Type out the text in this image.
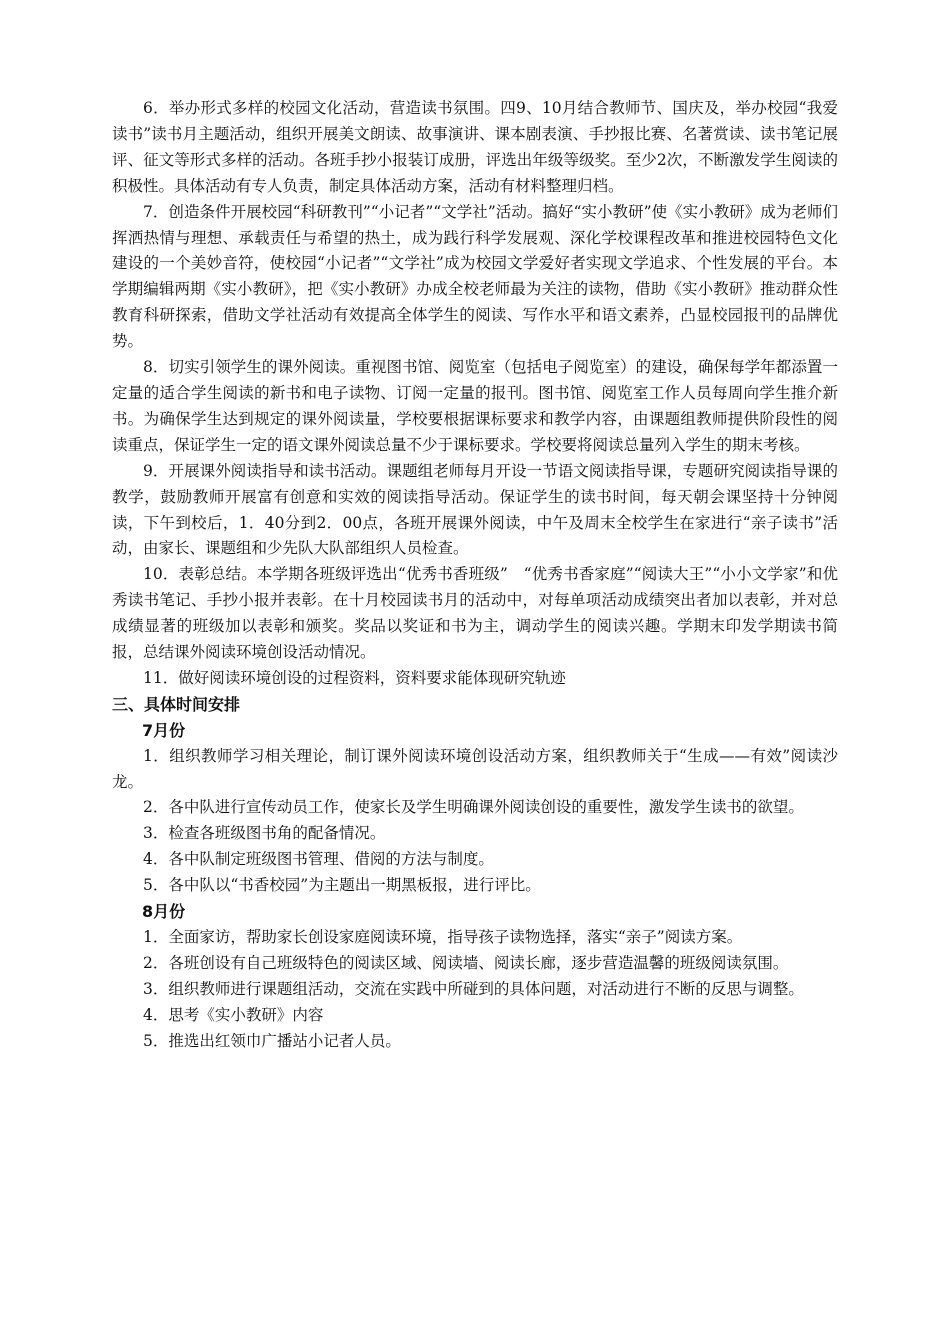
6．举办形式多样的校园文化活动，营造读书氛围。四9、10月结合教师节、国庆及，举办校园“我爱读书”读书月主题活动，组织开展美文朗读、故事演讲、课本剧表演、手抄报比赛、名著赏读、读书笔记展评、征文等形式多样的活动。各班手抄小报装订成册，评选出年级等级奖。至少2次，不断激发学生阅读的积极性。具体活动有专人负责，制定具体活动方案，活动有材料整理归档。

7．创造条件开展校园“科研教刊”“小记者”“文学社”活动。搞好“实小教研”使《实小教研》成为老师们挥洒热情与理想、承载责任与希望的热土，成为践行科学发展观、深化学校课程改革和推进校园特色文化建设的一个美妙音符，使校园“小记者”“文学社”成为校园文学爱好者实现文学追求、个性发展的平台。本学期编辑两期《实小教研》，把《实小教研》办成全校老师最为关注的读物，借助《实小教研》推动群众性教育科研探索，借助文学社活动有效提高全体学生的阅读、写作水平和语文素养，凸显校园报刊的品牌优势。

8．切实引领学生的课外阅读。重视图书馆、阅览室（包括电子阅览室）的建设，确保每学年都添置一定量的适合学生阅读的新书和电子读物、订阅一定量的报刊。图书馆、阅览室工作人员每周向学生推介新书。为确保学生达到规定的课外阅读量，学校要根据课标要求和教学内容，由课题组教师提供阶段性的阅读重点，保证学生一定的语文课外阅读总量不少于课标要求。学校要将阅读总量列入学生的期末考核。

9．开展课外阅读指导和读书活动。课题组老师每月开设一节语文阅读指导课，专题研究阅读指导课的教学，鼓励教师开展富有创意和实效的阅读指导活动。保证学生的读书时间，每天朝会课坚持十分钟阅读，下午到校后，1．40分到2．00点，各班开展课外阅读，中午及周末全校学生在家进行“亲子读书”活动，由家长、课题组和少先队大队部组织人员检查。

10．表彰总结。本学期各班级评选出“优秀书香班级”　“优秀书香家庭”“阅读大王”“小小文学家”和优秀读书笔记、手抄小报并表彰。在十月校园读书月的活动中，对每单项活动成绩突出者加以表彰，并对总成绩显著的班级加以表彰和颁奖。奖品以奖证和书为主，调动学生的阅读兴趣。学期末印发学期读书简报，总结课外阅读环境创设活动情况。

11．做好阅读环境创设的过程资料，资料要求能体现研究轨迹

三、具体时间安排

7月份

1．组织教师学习相关理论，制订课外阅读环境创设活动方案，组织教师关于“生成——有效”阅读沙龙。

2．各中队进行宣传动员工作，使家长及学生明确课外阅读创设的重要性，激发学生读书的欲望。

3．检查各班级图书角的配备情况。

4．各中队制定班级图书管理、借阅的方法与制度。

5．各中队以“书香校园”为主题出一期黑板报，进行评比。

8月份

1．全面家访，帮助家长创设家庭阅读环境，指导孩子读物选择，落实“亲子”阅读方案。

2．各班创设有自己班级特色的阅读区域、阅读墙、阅读长廊，逐步营造温馨的班级阅读氛围。

3．组织教师进行课题组活动，交流在实践中所碰到的具体问题，对活动进行不断的反思与调整。

4．思考《实小教研》内容

5．推选出红领巾广播站小记者人员。
